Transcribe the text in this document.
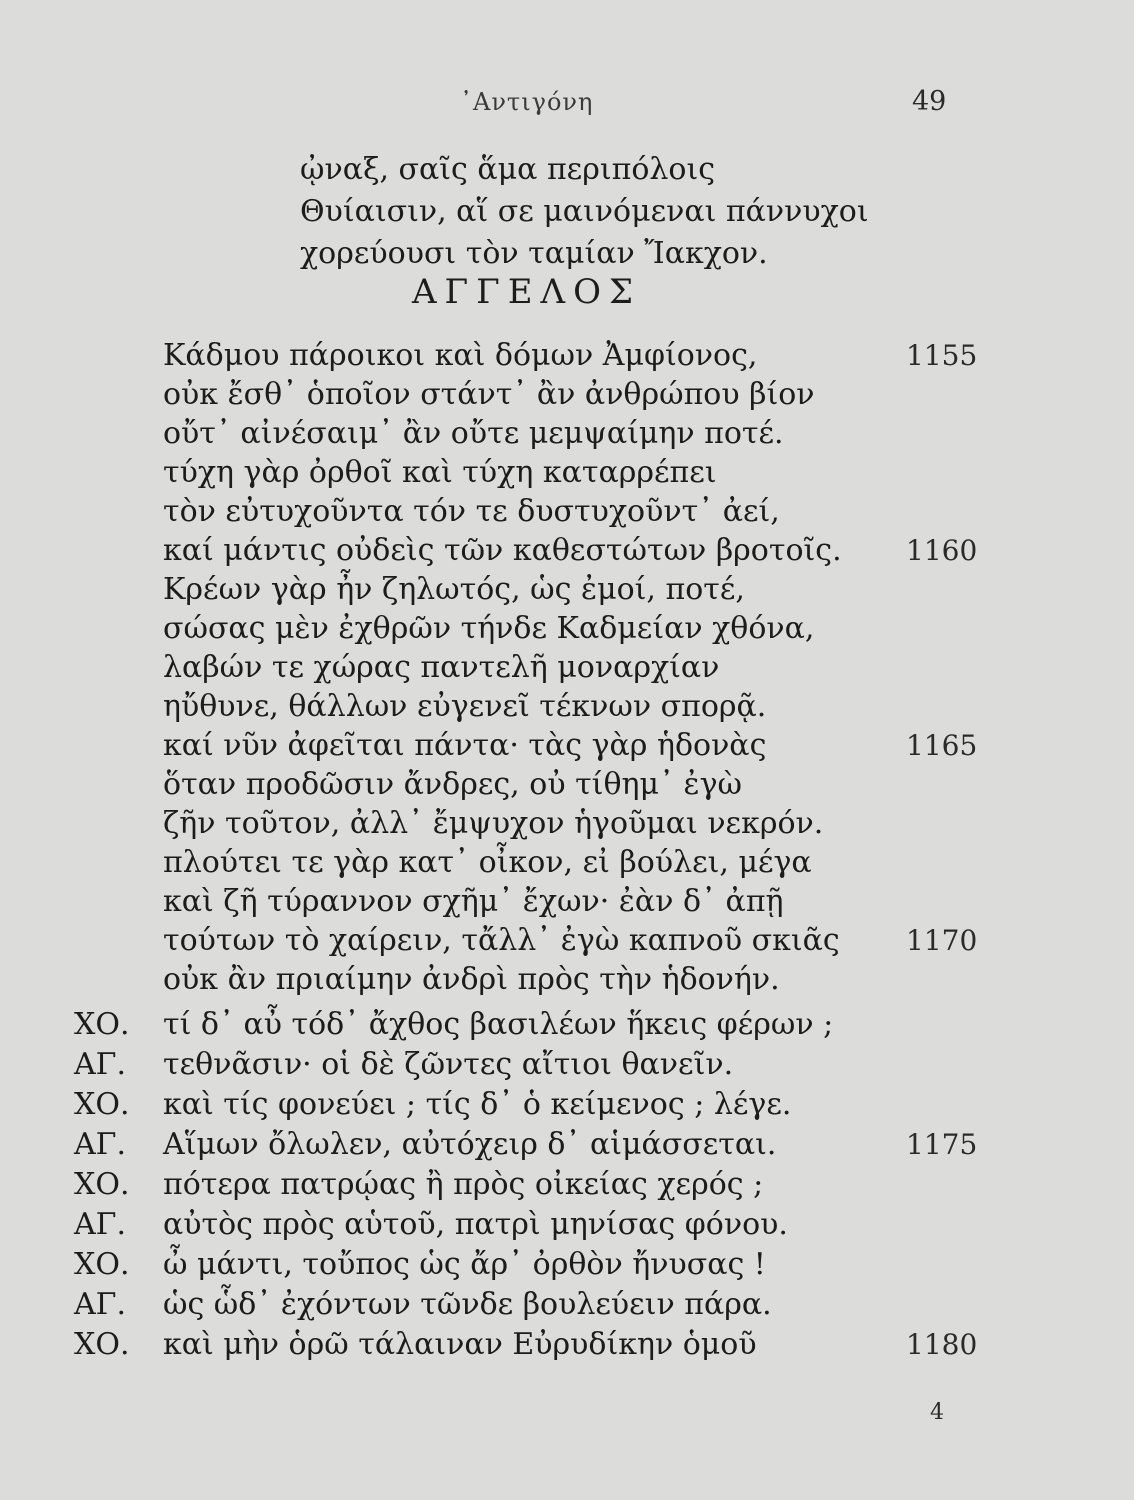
᾿Αντιγόνη	49
ᾠναξ, σαῖς ἅμα περιπόλοις
Θυίαισιν, αἵ σε μαινόμεναι πάννυχοι
χορεύουσι τὸν ταμίαν Ἴακχον.
ΑΓΓΕΛΟΣ
Κάδμου πάροικοι καὶ δόμων Ἀμφίονος,	1155
οὐκ ἔσθ᾿ ὁποῖον στάντ᾿ ἂν ἀνθρώπου βίον
οὔτ᾿ αἰνέσαιμ᾿ ἂν οὔτε μεμψαίμην ποτέ.
τύχη γὰρ ὀρθοῖ καὶ τύχη καταρρέπει
τὸν εὐτυχοῦντα τόν τε δυστυχοῦντ᾿ ἀεί,
καί μάντις οὐδεὶς τῶν καθεστώτων βροτοῖς. 1160
Κρέων γὰρ ἦν ζηλωτός, ὡς ἐμοί, ποτέ,
σώσας μὲν ἐχθρῶν τήνδε Καδμείαν χθόνα,
λαβών τε χώρας παντελῆ μοναρχίαν
ηὔθυνε, θάλλων εὐγενεῖ τέκνων σπορᾷ.
καί νῦν ἀφεῖται πάντα· τὰς γὰρ ἡδονὰς	1165
ὅταν προδῶσιν ἄνδρες, οὐ τίθημ᾿ ἐγὼ
ζῆν τοῦτον, ἀλλ᾿ ἔμψυχον ἡγοῦμαι νεκρόν.
πλούτει τε γὰρ κατ᾿ οἶκον, εἰ βούλει, μέγα
καὶ ζῆ τύραννον σχῆμ᾿ ἔχων· ἐὰν δ᾿ ἀπῇ
τούτων τὸ χαίρειν, τἄλλ᾿ ἐγὼ καπνοῦ σκιᾶς 1170
οὐκ ἂν πριαίμην ἀνδρὶ πρὸς τὴν ἡδονήν.
ΧΟ. τί δ᾿ αὖ τόδ᾿ ἄχθος βασιλέων ἥκεις φέρων ;
ΑΓ. τεθνᾶσιν· οἱ δὲ ζῶντες αἴτιοι θανεῖν.
ΧΟ. καὶ τίς φονεύει ; τίς δ᾿ ὁ κείμενος ; λέγε.
ΑΓ. Αἵμων ὄλωλεν, αὐτόχειρ δ᾿ αἱμάσσεται.	1175
ΧΟ. πότερα πατρῴας ἢ πρὸς οἰκείας χερός ;
ΑΓ. αὐτὸς πρὸς αὑτοῦ, πατρὶ μηνίσας φόνου.
ΧΟ. ὦ μάντι, τοὔπος ὡς ἄρ᾿ ὀρθὸν ἤνυσας !
ΑΓ. ὡς ὧδ᾿ ἐχόντων τῶνδε βουλεύειν πάρα.
ΧΟ. καὶ μὴν ὁρῶ τάλαιναν Εὐρυδίκην ὁμοῦ	1180
4
